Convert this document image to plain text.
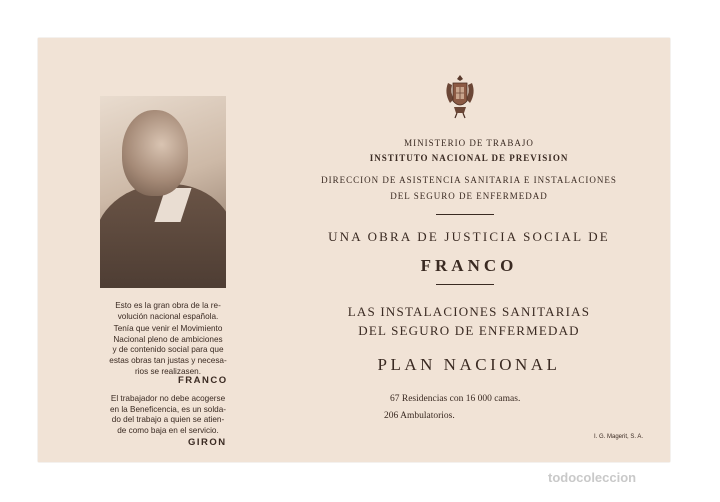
Esto es la gran obra de la re-
volución nacional española.
Tenía que venir el Movimiento
Nacional pleno de ambiciones
y de contenido social para que
estas obras tan justas y necesa-
rios se realizasen.
FRANCO
El trabajador no debe acogerse
en la Beneficencia, es un solda-
do del trabajo a quien se atien-
de como baja en el servicio.
GIRON
MINISTERIO DE TRABAJO
INSTITUTO NACIONAL DE PREVISION
DIRECCION DE ASISTENCIA SANITARIA E INSTALACIONES
DEL SEGURO DE ENFERMEDAD
UNA OBRA DE JUSTICIA SOCIAL DE
FRANCO
LAS INSTALACIONES SANITARIAS
DEL SEGURO DE ENFERMEDAD
PLAN NACIONAL
67 Residencias con 16 000 camas.
206 Ambulatorios.
I. G. Magerit, S. A.
todocoleccion
